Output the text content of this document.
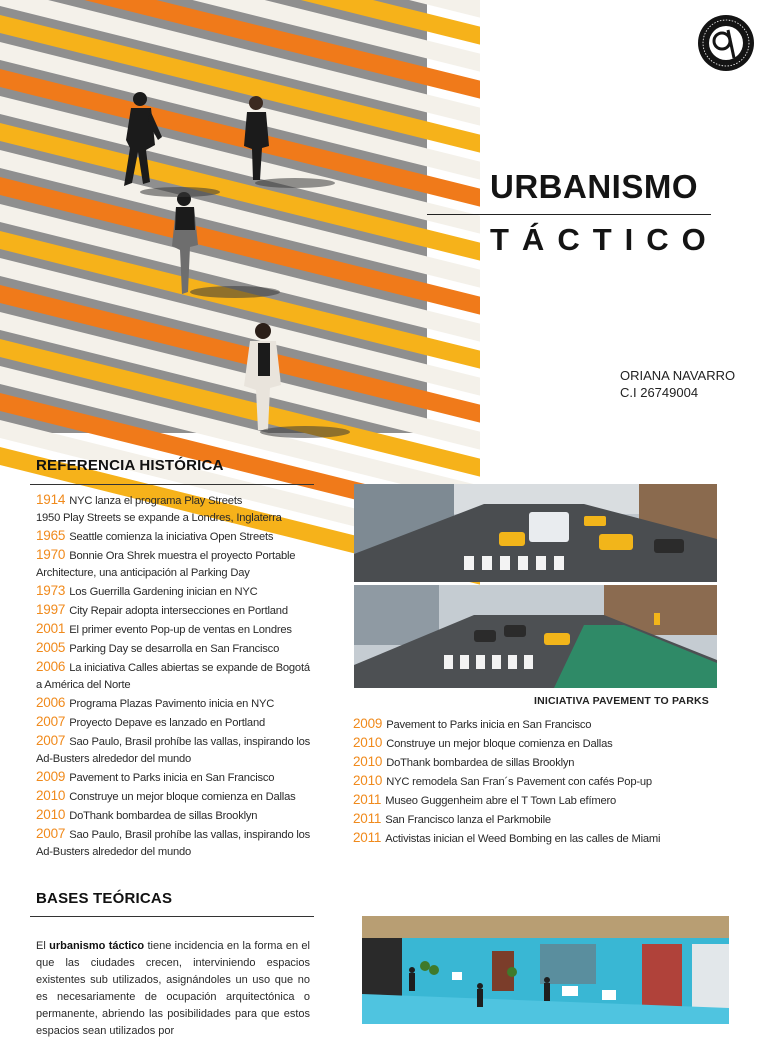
URBANISMO
TÁCTICO
ORIANA NAVARRO
C.I 26749004
REFERENCIA HISTÓRICA
1914 NYC lanza el programa Play Streets
1950 Play Streets se expande a Londres, Inglaterra
1965 Seattle comienza la iniciativa Open Streets
1970 Bonnie Ora Shrek muestra el proyecto Portable Architecture, una anticipación al Parking Day
1973 Los Guerrilla Gardening inician en NYC
1997 City Repair adopta intersecciones en Portland
2001 El primer evento Pop-up de ventas en Londres
2005 Parking Day se desarrolla en San Francisco
2006 La iniciativa Calles abiertas se expande de Bogotá a América del Norte
2006 Programa Plazas Pavimento inicia en NYC
2007 Proyecto Depave es lanzado en Portland
2007 Sao Paulo, Brasil prohíbe las vallas, inspirando los Ad-Busters alrededor del mundo
2009 Pavement to Parks inicia en San Francisco
2010 Construye un mejor bloque comienza en Dallas
2010 DoThank bombardea de sillas Brooklyn
2007 Sao Paulo, Brasil prohíbe las vallas, inspirando los Ad-Busters alrededor del mundo
INICIATIVA PAVEMENT TO PARKS
2009 Pavement to Parks inicia en San Francisco
2010 Construye un mejor bloque comienza en Dallas
2010 DoThank bombardea de sillas Brooklyn
2010 NYC remodela San Fran´s Pavement con cafés Pop-up
2011 Museo Guggenheim abre el T Town Lab efímero
2011 San Francisco lanza el Parkmobile
2011 Activistas inician el Weed Bombing en las calles de Miami
BASES TEÓRICAS
El urbanismo táctico tiene incidencia en la forma en el que las ciudades crecen, interviniendo espacios existentes sub utilizados, asignándoles un uso que no es necesariamente de ocupación arquitectónica o permanente, abriendo las posibilidades para que estos espacios sean utilizados por
